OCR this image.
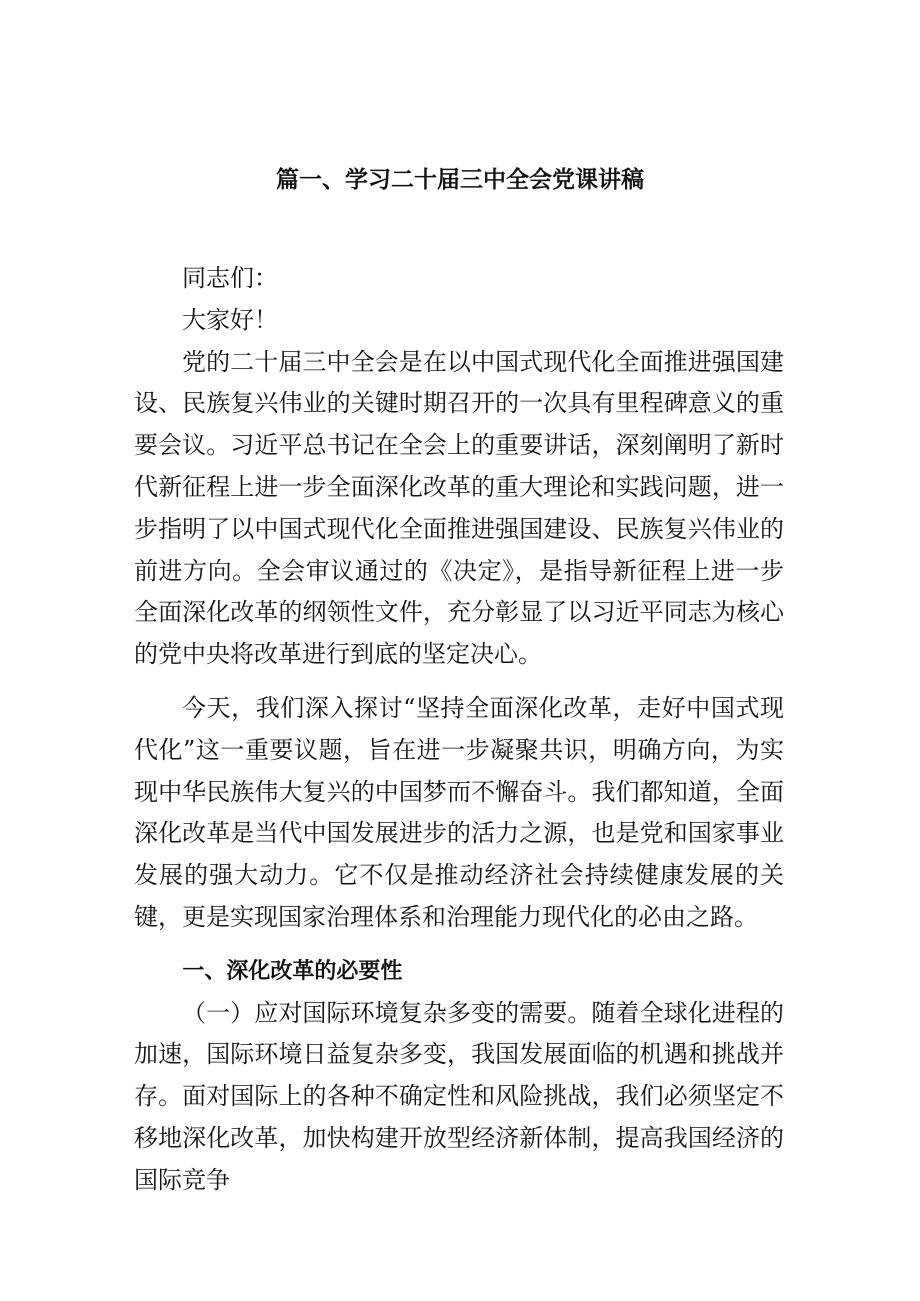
篇一、学习二十届三中全会党课讲稿

同志们：

大家好！

党的二十届三中全会是在以中国式现代化全面推进强国建设、民族复兴伟业的关键时期召开的一次具有里程碑意义的重要会议。习近平总书记在全会上的重要讲话，深刻阐明了新时代新征程上进一步全面深化改革的重大理论和实践问题，进一步指明了以中国式现代化全面推进强国建设、民族复兴伟业的前进方向。全会审议通过的《决定》，是指导新征程上进一步全面深化改革的纲领性文件，充分彰显了以习近平同志为核心的党中央将改革进行到底的坚定决心。

今天，我们深入探讨“坚持全面深化改革，走好中国式现代化”这一重要议题，旨在进一步凝聚共识，明确方向，为实现中华民族伟大复兴的中国梦而不懈奋斗。我们都知道，全面深化改革是当代中国发展进步的活力之源，也是党和国家事业发展的强大动力。它不仅是推动经济社会持续健康发展的关键，更是实现国家治理体系和治理能力现代化的必由之路。

一、深化改革的必要性

（一）应对国际环境复杂多变的需要。随着全球化进程的加速，国际环境日益复杂多变，我国发展面临的机遇和挑战并存。面对国际上的各种不确定性和风险挑战，我们必须坚定不移地深化改革，加快构建开放型经济新体制，提高我国经济的国际竞争
